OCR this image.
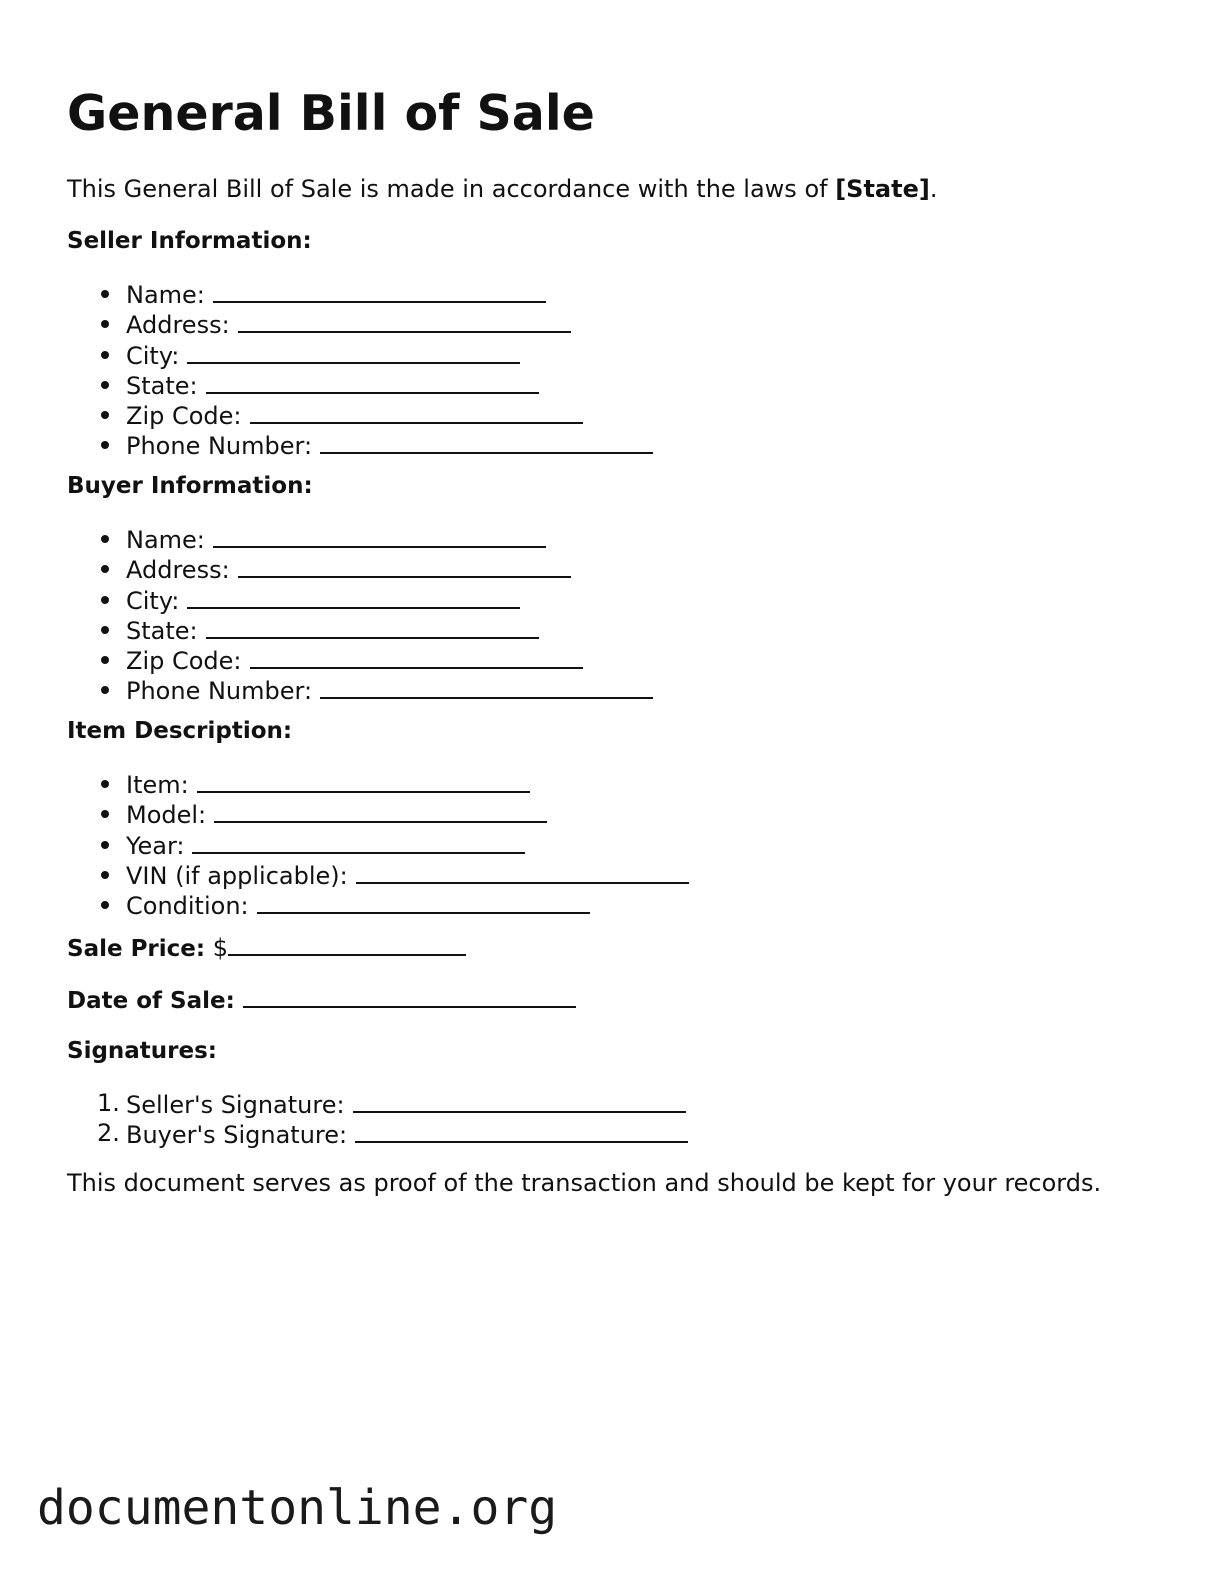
General Bill of Sale

This General Bill of Sale is made in accordance with the laws of [State].

Seller Information:

Name:
Address:
City:
State:
Zip Code:
Phone Number:

Buyer Information:

Name:
Address:
City:
State:
Zip Code:
Phone Number:

Item Description:

Item:
Model:
Year:
VIN (if applicable):
Condition:
Sale Price: $
Date of Sale:

Signatures:

1. Seller's Signature:
2. Buyer's Signature:

This document serves as proof of the transaction and should be kept for your records.

documentonline.org
